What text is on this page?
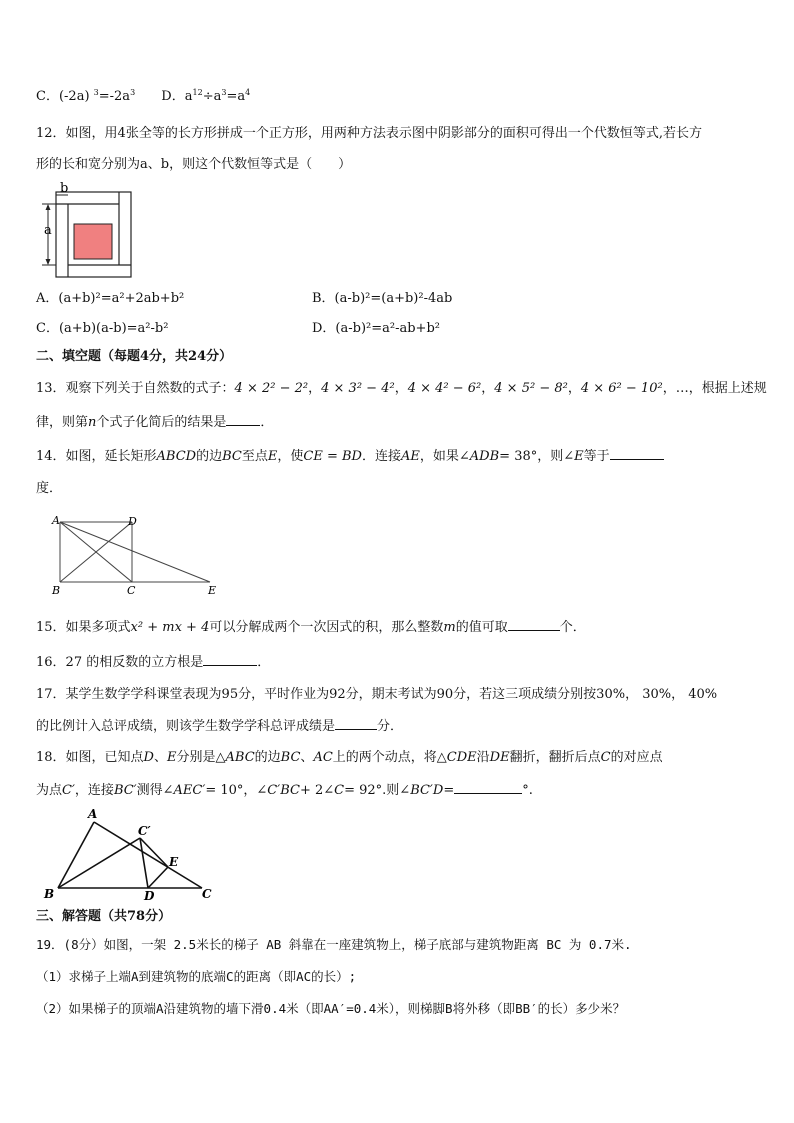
C．(-2a) $^3=-2a^3$ D．$a^{12}\div a^3=a^4$
12．如图，用4张全等的长方形拼成一个正方形，用两种方法表示图中阴影部分的面积可得出一个代数恒等式,若长方
形的长和宽分别为a、b，则这个代数恒等式是（　　）
a
b
A．(a+b)²=a²+2ab+b²	B．(a-b)²=(a+b)²-4ab
C．(a+b)(a-b)=a²-b²	D．(a-b)²=a²-ab+b²
二、填空题（每题4分，共24分）
13．观察下列关于自然数的式子：4 × 2² − 2²，4 × 3² − 4²，4 × 4² − 6²，4 × 5² − 8²，4 × 6² − 10²，…，根据上述规
律，则第n个式子化简后的结果是	．
14．如图，延长矩形ABCD的边BC至点E，使CE = BD．连接AE，如果∠ADB= 38°，则∠E等于
度．
A	D
B	C	E
15．如果多项式x² + mx + 4可以分解成两个一次因式的积，那么整数m的值可取	个．
16．27 的相反数的立方根是	．
17．某学生数学学科课堂表现为95分，平时作业为92分，期末考试为90分，若这三项成绩分别按30%， 30%， 40%
的比例计入总评成绩，则该学生数学学科总评成绩是	分．
18．如图，已知点D、E分别是△ABC的边BC、AC上的两个动点，将△CDE沿DE翻折，翻折后点C的对应点
为点C′，连接BC′测得∠AEC′= 10°，∠C′BC+ 2∠C= 92°.则∠BC′D=	°.
A
C′
E
B	D	C
三、解答题（共78分）
19．(8分）如图，一架 2.5米长的梯子 AB 斜靠在一座建筑物上，梯子底部与建筑物距离 BC 为 0.7米.
（1）求梯子上端A到建筑物的底端C的距离（即AC的长）;
（2）如果梯子的顶端A沿建筑物的墙下滑0.4米（即AA′=0.4米），则梯脚B将外移（即BB′的长）多少米？
